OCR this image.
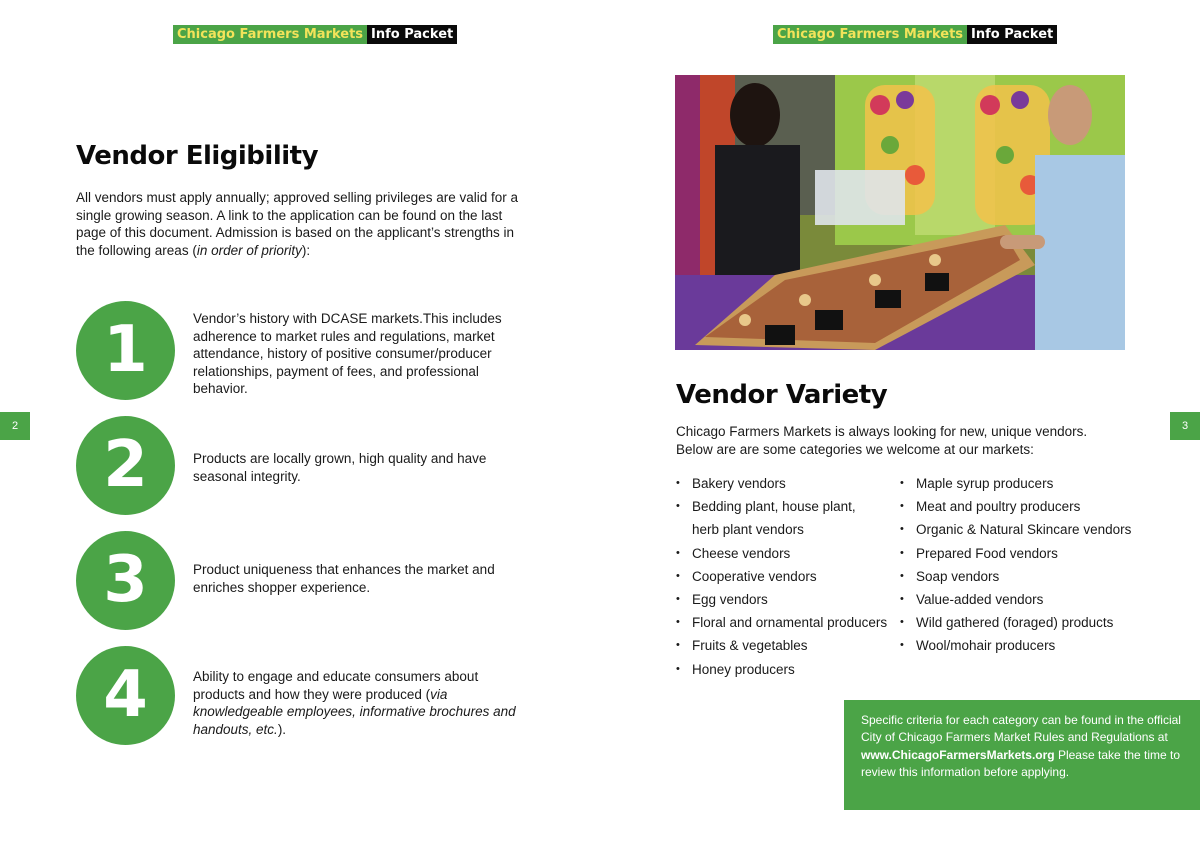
Chicago Farmers Markets Info Packet	Chicago Farmers Markets Info Packet
2	3
Vendor Eligibility
All vendors must apply annually; approved selling privileges are valid for a single growing season. A link to the application can be found on the last page of this document. Admission is based on the applicant’s strengths in the following areas (in order of priority):
1	Vendor’s history with DCASE markets.This includes adherence to market rules and regulations, market attendance, history of positive consumer/producer relationships, payment of fees, and professional behavior.
2	Products are locally grown, high quality and have seasonal integrity.
3	Product uniqueness that enhances the market and enriches shopper experience.
4	Ability to engage and educate consumers about products and how they were produced (via knowledgeable employees, informative brochures and handouts, etc.).
Vendor Variety
Chicago Farmers Markets is always looking for new, unique vendors. Below are are some categories we welcome at our markets:
• Bakery vendors
• Bedding plant, house plant,
herb plant vendors
• Cheese vendors
• Cooperative vendors
• Egg vendors
• Floral and ornamental producers
• Fruits & vegetables
• Honey producers
• Maple syrup producers
• Meat and poultry producers
• Organic & Natural Skincare vendors
• Prepared Food vendors
• Soap vendors
• Value-added vendors
• Wild gathered (foraged) products
• Wool/mohair producers
Specific criteria for each category can be found in the official City of Chicago Farmers Market Rules and Regulations at www.ChicagoFarmersMarkets.org Please take the time to review this information before applying.
